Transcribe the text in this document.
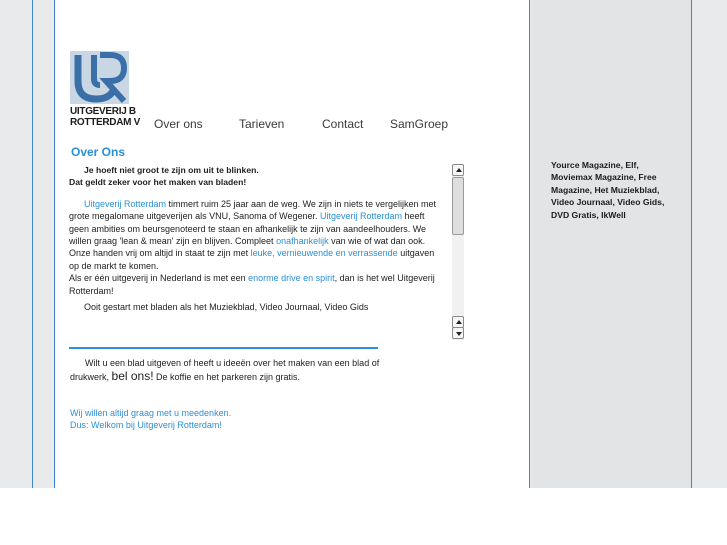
UITGEVERIJ B
ROTTERDAM V Over ons	Tarieven	Contact SamGroep
Over Ons
Je hoeft niet groot te zijn om uit te blinken.
Dat geldt zeker voor het maken van bladen!
Uitgeverij Rotterdam timmert ruim 25 jaar aan de weg. We zijn in niets te vergelijken met grote megalomane uitgeverijen als VNU, Sanoma of Wegener. Uitgeverij Rotterdam heeft geen ambities om beursgenoteerd te staan en afhankelijk te zijn van aandeelhouders. We willen graag 'lean & mean' zijn en blijven. Compleet onafhankelijk van wie of wat dan ook.
Onze handen vrij om altijd in staat te zijn met leuke, vernieuwende en verrassende uitgaven op de markt te komen.
Als er één uitgeverij in Nederland is met een enorme drive en spirit, dan is het wel Uitgeverij Rotterdam!
Ooit gestart met bladen als het Muziekblad, Video Journaal, Video Gids
Wilt u een blad uitgeven of heeft u ideeën over het maken van een blad of drukwerk, bel ons! De koffie en het parkeren zijn gratis.
Wij willen altijd graag met u meedenken.
Dus: Welkom bij Uitgeverij Rotterdam!
Yource Magazine, Elf, Moviemax Magazine, Free Magazine, Het Muziekblad, Video Journaal, Video Gids, DVD Gratis, IkWell
